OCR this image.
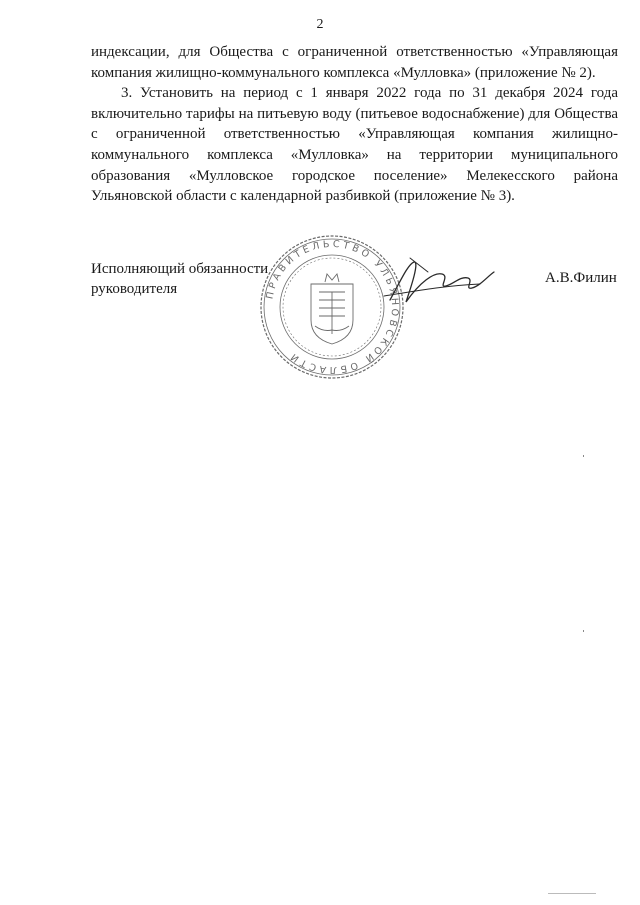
2

индексации, для Общества с ограниченной ответственностью «Управляющая компания жилищно-коммунального комплекса «Мулловка» (приложение № 2).

3. Установить на период с 1 января 2022 года по 31 декабря 2024 года включительно тарифы на питьевую воду (питьевое водоснабжение) для Общества с ограниченной ответственностью «Управляющая компания жилищно-коммунального комплекса «Мулловка» на территории муниципального образования «Мулловское городское поселение» Мелекесского района Ульяновской области с календарной разбивкой (приложение № 3).

Исполняющий обязанности
руководителя	ПРАВИТЕЛЬСТВО УЛЬЯНОВСКОЙ ОБЛАСТИ
А.В.Филин
